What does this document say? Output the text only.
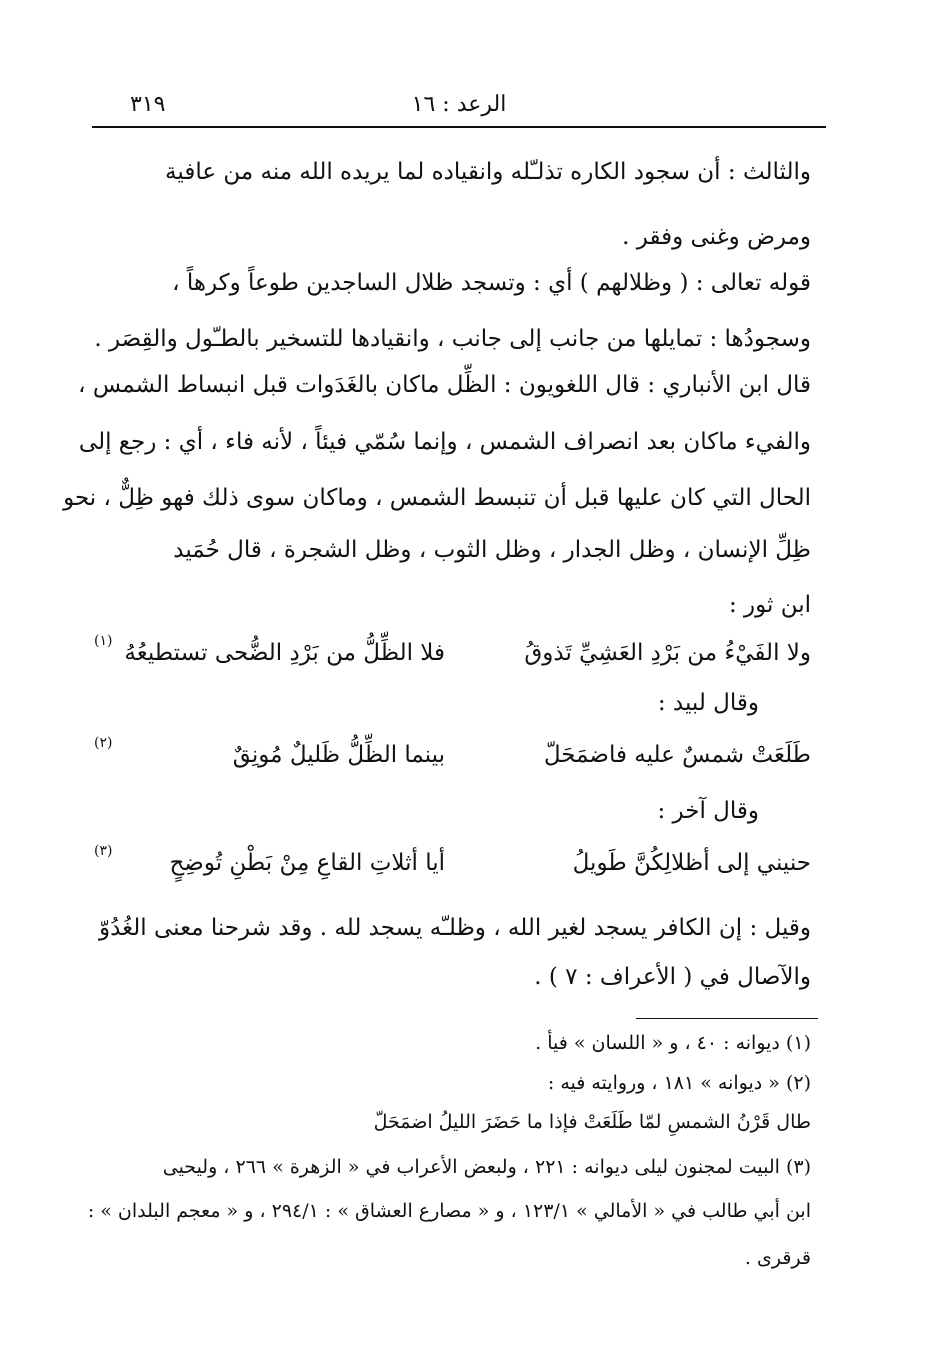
٣١٩	الرعد : ١٦
والثالث : أن سجود الكاره تذلـّله وانقياده لما يريده الله منه من عافية
ومرض وغنى وفقر .
قوله تعالى : ( وظلالهم ) أي : وتسجد ظلال الساجدين طوعاً وكرهاً ،
وسجودُها : تمايلها من جانب إلى جانب ، وانقيادها للتسخير بالطـّول والقِصَر .
قال ابن الأنباري : قال اللغويون : الظِّل ماكان بالغَدَوات قبل انبساط الشمس ،
والفيء ماكان بعد انصراف الشمس ، وإنما سُمّي فيئاً ، لأنه فاء ، أي : رجع إلى
الحال التي كان عليها قبل أن تنبسط الشمس ، وماكان سوى ذلك فهو ظِلٌّ ، نحو
ظِلِّ الإنسان ، وظل الجدار ، وظل الثوب ، وظل الشجرة ، قال حُمَيد
ابن ثور :
فلا الظِّلُّ من بَرْدِ الضُّحى تستطيعُهُ	ولا الفَيْءُ من بَرْدِ العَشِيِّ تَذوقُ
(١)
وقال لبيد :
بينما الظِّلُّ ظَليلٌ مُونِقٌ	طَلَعَتْ شمسٌ عليه فاضمَحَلّ
(٢)
وقال آخر :
أيا أثلاتِ القاعِ مِنْ بَطْنِ تُوضِحٍ	حنيني إلى أظلالِكُنَّ طَويلُ
(٣)
وقيل : إن الكافر يسجد لغير الله ، وظلـّه يسجد لله . وقد شرحنا معنى الغُدُوّ
والآصال في ( الأعراف : ٧ ) .
(١) ديوانه : ٤٠ ، و « اللسان » فيأ .
(٢) « ديوانه » ١٨١ ، وروايته فيه :
طال قَرْنُ الشمسِ لمّا طَلَعَتْ فإذا ما حَضَرَ الليلُ اضمَحَلّ
(٣) البيت لمجنون ليلى ديوانه : ٢٢١ ، ولبعض الأعراب في « الزهرة » ٢٦٦ ، وليحيى
ابن أبي طالب في « الأمالي » ١٢٣/١ ، و « مصارع العشاق » : ٢٩٤/١ ، و « معجم البلدان » :
قرقرى .
